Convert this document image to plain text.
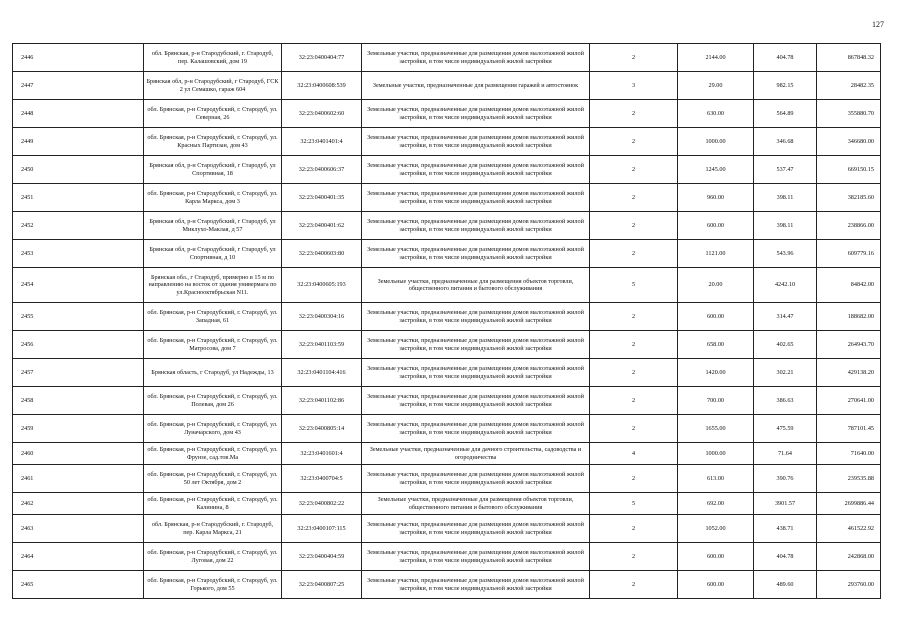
127
2446	обл. Брянская, р-н Стародубский, г. Стародуб, пер. Калашовский, дом 19	32:23:0400404:77	Земельные участки, предназначенные для размещения домов малоэтажной жилой застройки, в том числе индивидуальной жилой застройки	2	2144.00	404.78	867848.32
2447	Брянская обл, р-н Стародубский, г Стародуб, ГСК 2 ул Семашко, гараж 604	32:23:0400608:539	Земельные участки, предназначенные для размещения гаражей и автостоянок	3	29.00	982.15	28482.35
2448	обл. Брянская, р-н Стародубский, г. Стародуб, ул. Северная, 26	32:23:0400602:60	Земельные участки, предназначенные для размещения домов малоэтажной жилой застройки, в том числе индивидуальной жилой застройки	2	630.00	564.89	355880.70
2449	обл. Брянская, р-н Стародубский, г. Стародуб, ул. Красных Партизан, дом 43	32:23:0401401:4	Земельные участки, предназначенные для размещения домов малоэтажной жилой застройки, в том числе индивидуальной жилой застройки	2	1000.00	346.68	346680.00
2450	Брянская обл, р-н Стародубский, г Стародуб, ул Спортивная, 18	32:23:0400606:37	Земельные участки, предназначенные для размещения домов малоэтажной жилой застройки, в том числе индивидуальной жилой застройки	2	1245.00	537.47	669150.15
2451	обл. Брянская, р-н Стародубский, г. Стародуб, ул. Карла Маркса, дом 3	32:23:0400401:35	Земельные участки, предназначенные для размещения домов малоэтажной жилой застройки, в том числе индивидуальной жилой застройки	2	960.00	398.11	382185.60
2452	Брянская обл, р-н Стародубский, г Стародуб, ул Миклухо-Маклая, д 57	32:23:0400401:62	Земельные участки, предназначенные для размещения домов малоэтажной жилой застройки, в том числе индивидуальной жилой застройки	2	600.00	398.11	238866.00
2453	Брянская обл, р-н Стародубский, г Стародуб, ул Спортивная, д 10	32:23:0400603:80	Земельные участки, предназначенные для размещения домов малоэтажной жилой застройки, в том числе индивидуальной жилой застройки	2	1121.00	543.96	609779.16
2454	Брянская обл., г Стародуб, примерно в 15 м по направлению на восток от здания универмага по ул.Краснооктябрьская N11.	32:23:0400605:193	Земельные участки, предназначенные для размещения объектов торговли, общественного питания и бытового обслуживания	5	20.00	4242.10	84842.00
2455	обл. Брянская, р-н Стародубский, г. Стародуб, ул. Западная, 61	32:23:0400304:16	Земельные участки, предназначенные для размещения домов малоэтажной жилой застройки, в том числе индивидуальной жилой застройки	2	600.00	314.47	188682.00
2456	обл. Брянская, р-н Стародубский, г. Стародуб, ул. Матросова, дом 7	32:23:0401103:59	Земельные участки, предназначенные для размещения домов малоэтажной жилой застройки, в том числе индивидуальной жилой застройки	2	658.00	402.65	264943.70
2457	Брянская область, г Стародуб, ул Надежды, 13	32:23:0401104:416	Земельные участки, предназначенные для размещения домов малоэтажной жилой застройки, в том числе индивидуальной жилой застройки	2	1420.00	302.21	429138.20
2458	обл. Брянская, р-н Стародубский, г. Стародуб, ул. Полевая, дом 26	32:23:0401102:86	Земельные участки, предназначенные для размещения домов малоэтажной жилой застройки, в том числе индивидуальной жилой застройки	2	700.00	386.63	270641.00
2459	обл. Брянская, р-н Стародубский, г. Стародуб, ул. Луначарского, дом 43	32:23:0400805:14	Земельные участки, предназначенные для размещения домов малоэтажной жилой застройки, в том числе индивидуальной жилой застройки	2	1655.00	475.59	787101.45
2460	обл. Брянская, р-н Стародубский, г. Стародуб, ул. Фрунзе, сад.тов.Ма	32:23:0401601:4	Земельные участки, предназначенные для дачного строительства, садоводства и огородничества	4	1000.00	71.64	71640.00
2461	обл. Брянская, р-н Стародубский, г. Стародуб, ул. 50 лет Октября, дом 2	32:23:0400704:5	Земельные участки, предназначенные для размещения домов малоэтажной жилой застройки, в том числе индивидуальной жилой застройки	2	613.00	390.76	239535.88
2462	обл. Брянская, р-н Стародубский, г. Стародуб, ул. Калинина, 8	32:23:0400802:22	Земельные участки, предназначенные для размещения объектов торговли, общественного питания и бытового обслуживания	5	692.00	3901.57	2699886.44
2463	обл. Брянская, р-н Стародубский, г. Стародуб, пер. Карла Маркса, 21	32:23:0400107:115	Земельные участки, предназначенные для размещения домов малоэтажной жилой застройки, в том числе индивидуальной жилой застройки	2	1052.00	438.71	461522.92
2464	обл. Брянская, р-н Стародубский, г. Стародуб, ул. Луговая, дом 22	32:23:0400404:59	Земельные участки, предназначенные для размещения домов малоэтажной жилой застройки, в том числе индивидуальной жилой застройки	2	600.00	404.78	242868.00
2465	обл. Брянская, р-н Стародубский, г. Стародуб, ул. Горького, дом 55	32:23:0400807:25	Земельные участки, предназначенные для размещения домов малоэтажной жилой застройки, в том числе индивидуальной жилой застройки	2	600.00	489.60	293760.00
